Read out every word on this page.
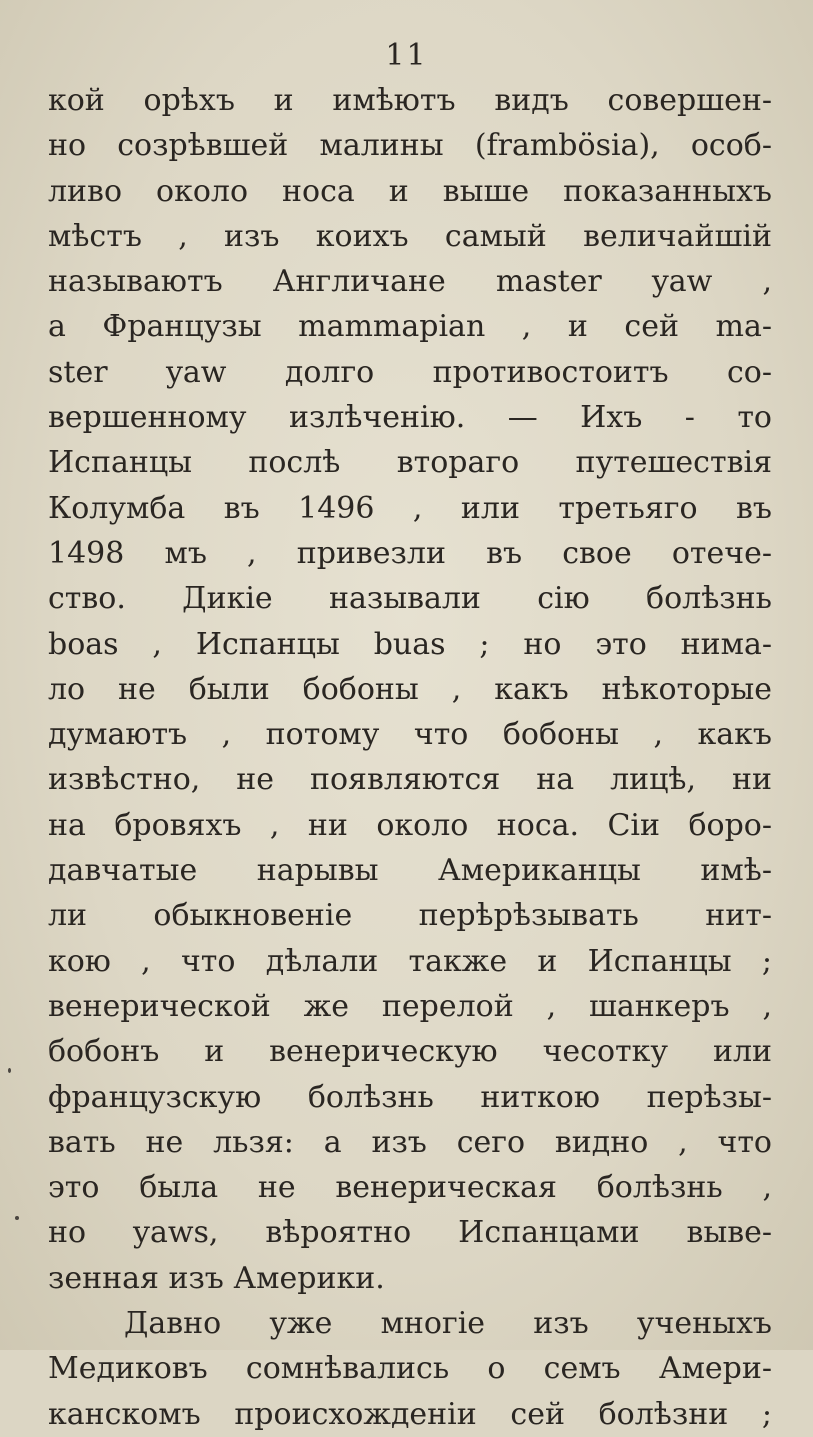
11
кой орѣхъ и имѣютъ видъ совершен-
но созрѣвшей малины (frambösia), особ-
ливо около носа и выше показанныхъ
мѣстъ , изъ коихъ самый величайшій
называютъ Англичане master yaw ,
а Французы mammapian , и сей ma-
ster yaw долго противостоитъ со-
вершенному излѣченію. — Ихъ - то
Испанцы послѣ втораго путешествія
Колумба въ 1496 , или третьяго въ
1498 мъ , привезли въ свое отече-
ство. Дикіе называли сію болѣзнь
boas , Испанцы buas ; но это нима-
ло не были бобоны , какъ нѣкоторые
думаютъ , потому что бобоны , какъ
извѣстно, не появляются на лицѣ, ни
на бровяхъ , ни около носа. Сіи боро-
давчатые нарывы Американцы имѣ-
ли обыкновеніе перѣрѣзывать нит-
кою , что дѣлали также и Испанцы ;
венерической же перелой , шанкеръ ,
бобонъ и венерическую чесотку или
французскую болѣзнь ниткою перѣзы-
вать не льзя: а изъ сего видно , что
это была не венерическая болѣзнь ,
но yaws, вѣроятно Испанцами выве-
зенная изъ Америки.
Давно уже многіе изъ ученыхъ
Медиковъ сомнѣвались о семъ Амери-
канскомъ происхожденіи сей болѣзни ;
